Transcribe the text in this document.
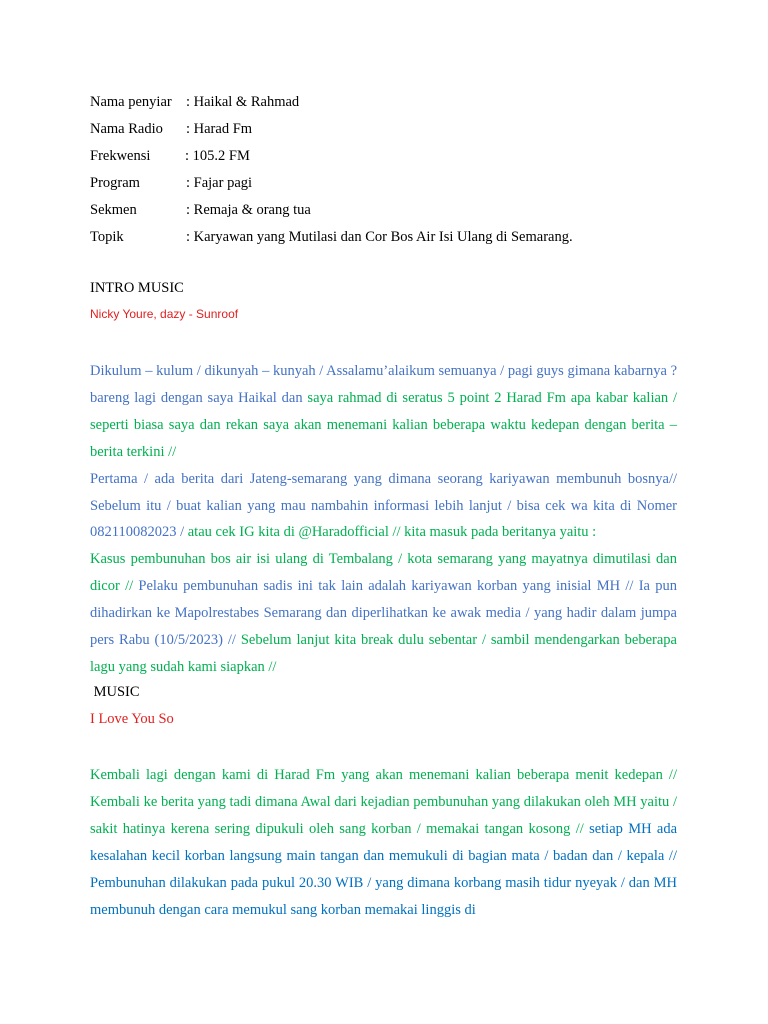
Nama penyiar : Haikal & Rahmad
Nama Radio : Harad Fm
Frekwensi : 105.2 FM
Program	: Fajar pagi
Sekmen	: Remaja & orang tua
Topik	: Karyawan yang Mutilasi dan Cor Bos Air Isi Ulang di Semarang.
INTRO MUSIC
Nicky Youre, dazy - Sunroof

Dikulum – kulum / dikunyah – kunyah / Assalamu’alaikum semuanya / pagi guys gimana kabarnya ? bareng lagi dengan saya Haikal dan saya rahmad di seratus 5 point 2 Harad Fm apa kabar kalian / seperti biasa saya dan rekan saya akan menemani kalian beberapa waktu kedepan dengan berita – berita terkini //
Pertama / ada berita dari Jateng-semarang yang dimana seorang kariyawan membunuh bosnya// Sebelum itu / buat kalian yang mau nambahin informasi lebih lanjut / bisa cek wa kita di Nomer 082110082023 / atau cek IG kita di @Haradofficial // kita masuk pada beritanya yaitu :
Kasus pembunuhan bos air isi ulang di Tembalang / kota semarang yang mayatnya dimutilasi dan dicor // Pelaku pembunuhan sadis ini tak lain adalah kariyawan korban yang inisial MH // Ia pun dihadirkan ke Mapolrestabes Semarang dan diperlihatkan ke awak media / yang hadir dalam jumpa pers Rabu (10/5/2023) // Sebelum lanjut kita break dulu sebentar / sambil mendengarkan beberapa lagu yang sudah kami siapkan //

MUSIC
I Love You So

Kembali lagi dengan kami di Harad Fm yang akan menemani kalian beberapa menit kedepan // Kembali ke berita yang tadi dimana Awal dari kejadian pembunuhan yang dilakukan oleh MH yaitu / sakit hatinya kerena sering dipukuli oleh sang korban / memakai tangan kosong // setiap MH ada kesalahan kecil korban langsung main tangan dan memukuli di bagian mata / badan dan / kepala // Pembunuhan dilakukan pada pukul 20.30 WIB / yang dimana korbang masih tidur nyeyak / dan MH membunuh dengan cara memukul sang korban memakai linggis di
